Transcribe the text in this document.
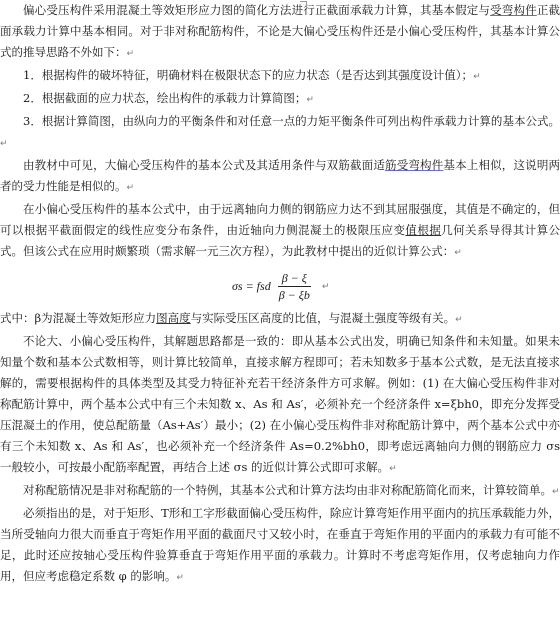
偏心受压构件采用混凝土等效矩形应力图的简化方法进行正截面承载力计算，其基本假定与受弯构件正截面承载力计算中基本相同。对于非对称配筋构件，不论是大偏心受压构件还是小偏心受压构件，其基本计算公式的推导思路不外如下：↵

1．根据构件的破坏特征，明确材料在极限状态下的应力状态（是否达到其强度设计值）；↵

2．根据截面的应力状态，绘出构件的承载力计算简图；↵

3．根据计算简图，由纵向力的平衡条件和对任意一点的力矩平衡条件可列出构件承载力计算的基本公式。↵

由教材中可见，大偏心受压构件的基本公式及其适用条件与双筋截面适筋受弯构件基本上相似，这说明两者的受力性能是相似的。↵

在小偏心受压构件的基本公式中，由于远离轴向力侧的钢筋应力达不到其屈服强度，其值是不确定的，但可以根据平截面假定的线性应变分布条件，由近轴向力侧混凝土的极限压应变值根据几何关系导得其计算公式。但该公式在应用时颇繁琐（需求解一元三次方程），为此教材中提出的近似计算公式：↵

σs = fsd $\frac{\beta - \xi}{\beta - \xi b}$ ↵

式中：β为混凝土等效矩形应力图高度与实际受压区高度的比值，与混凝土强度等级有关。↵

不论大、小偏心受压构件，其解题思路都是一致的：即从基本公式出发，明确已知条件和未知量。如果未知量个数和基本公式数相等，则计算比较简单，直接求解方程即可；若未知数多于基本公式数，是无法直接求解的，需要根据构件的具体类型及其受力特征补充若干经济条件方可求解。例如：(1) 在大偏心受压构件非对称配筋计算中，两个基本公式中有三个未知数 x、As 和 As′，必须补充一个经济条件 x=ξbh0，即充分发挥受压混凝土的作用，使总配筋量（As+As′）最小；(2) 在小偏心受压构件非对称配筋计算中，两个基本公式中亦有三个未知数 x、As 和 As′，也必须补充一个经济条件 As=0.2%bh0，即考虑远离轴向力侧的钢筋应力 σs 一般较小，可按最小配筋率配置，再结合上述 σs 的近似计算公式即可求解。↵

对称配筋情况是非对称配筋的一个特例，其基本公式和计算方法均由非对称配筋简化而来，计算较简单。↵

必须指出的是，对于矩形、T形和工字形截面偏心受压构件，除应计算弯矩作用平面内的抗压承载能力外，当所受轴向力很大而垂直于弯矩作用平面的截面尺寸又较小时，在垂直于弯矩作用的平面内的承载力有可能不足，此时还应按轴心受压构件验算垂直于弯矩作用平面的承载力。计算时不考虑弯矩作用，仅考虑轴向力作用，但应考虑稳定系数 φ 的影响。↵
